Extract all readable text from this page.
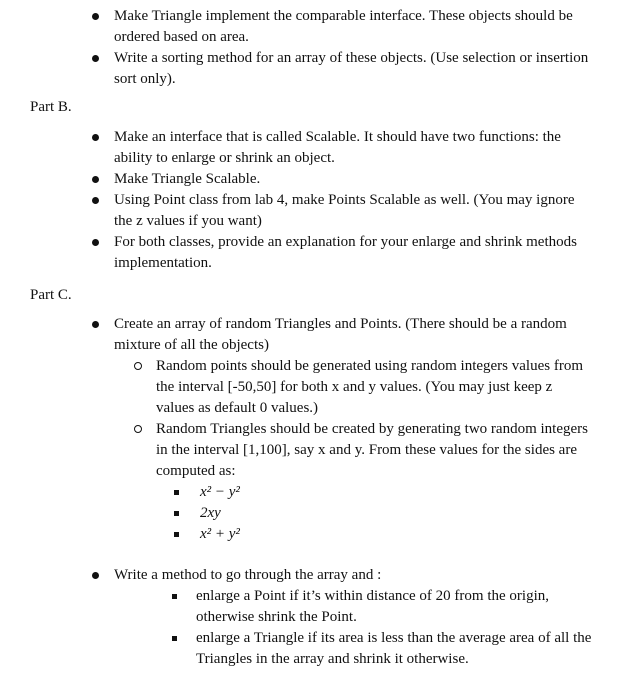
Make Triangle implement the comparable interface. These objects should be ordered based on area.
Write a sorting method for an array of these objects. (Use selection or insertion sort only).
Part B.
Make an interface that is called Scalable. It should have two functions: the ability to enlarge or shrink an object.
Make Triangle Scalable.
Using Point class from lab 4, make Points Scalable as well. (You may ignore the z values if you want)
For both classes, provide an explanation for your enlarge and shrink methods implementation.
Part C.
Create an array of random Triangles and Points. (There should be a random mixture of all the objects)
Random points should be generated using random integers values from the interval [-50,50] for both x and y values. (You may just keep z values as default 0 values.)
Random Triangles should be created by generating two random integers in the interval [1,100], say x and y. From these values for the sides are computed as:
x² − y²
2xy
x² + y²
Write a method to go through the array and :
enlarge a Point if it’s within distance of 20 from the origin, otherwise shrink the Point.
enlarge a Triangle if its area is less than the average area of all the Triangles in the array and shrink it otherwise.
